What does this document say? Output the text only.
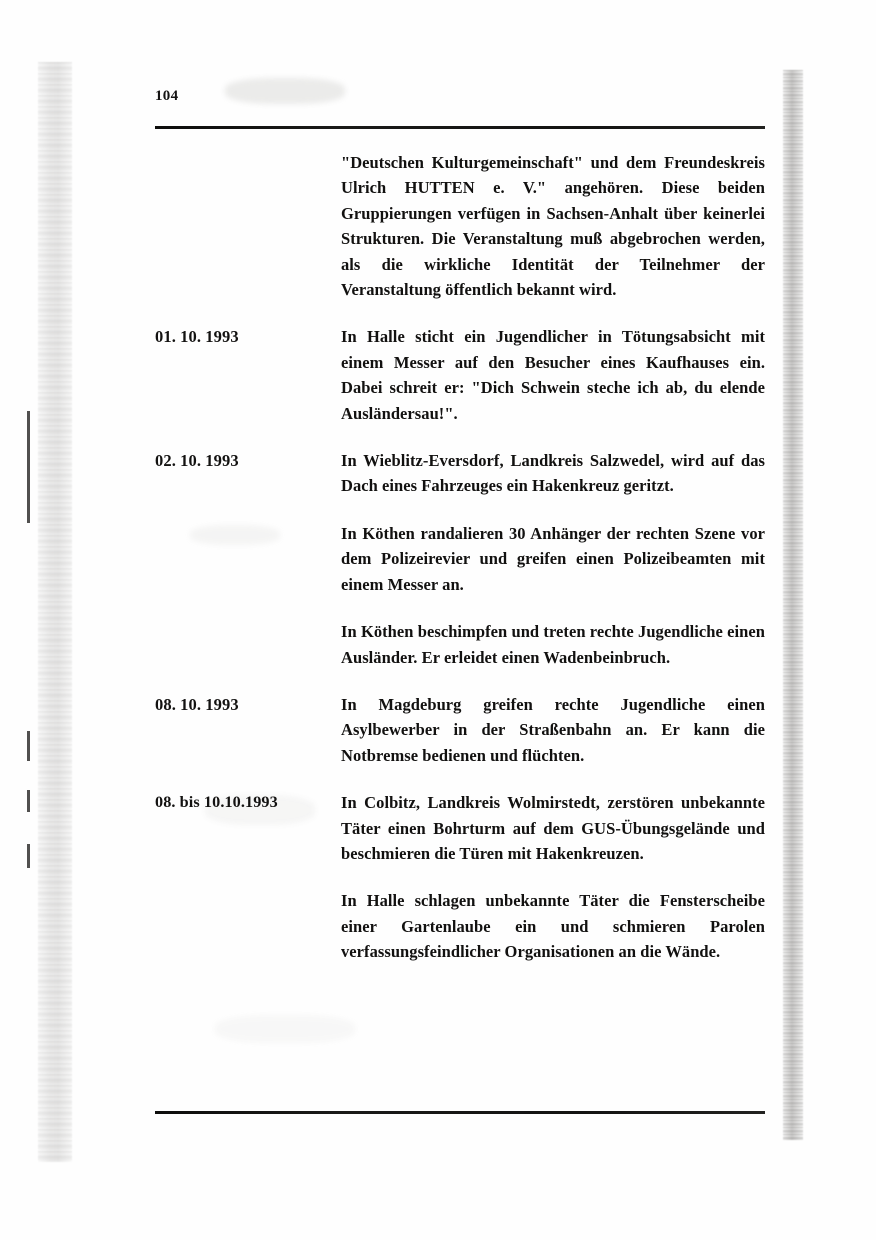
104

"Deutschen Kulturgemeinschaft" und dem Freundeskreis Ulrich HUTTEN e. V." angehören. Diese beiden Gruppierungen verfügen in Sachsen-Anhalt über keinerlei Strukturen. Die Veranstaltung muß abgebrochen werden, als die wirkliche Identität der Teilnehmer der Veranstaltung öffentlich bekannt wird.

01. 10. 1993	In Halle sticht ein Jugendlicher in Tötungsabsicht mit einem Messer auf den Besucher eines Kaufhauses ein. Dabei schreit er: "Dich Schwein steche ich ab, du elende Ausländersau!".

02. 10. 1993	In Wieblitz-Eversdorf, Landkreis Salzwedel, wird auf das Dach eines Fahrzeuges ein Hakenkreuz geritzt.

In Köthen randalieren 30 Anhänger der rechten Szene vor dem Polizeirevier und greifen einen Polizeibeamten mit einem Messer an.

In Köthen beschimpfen und treten rechte Jugendliche einen Ausländer. Er erleidet einen Wadenbeinbruch.

08. 10. 1993	In Magdeburg greifen rechte Jugendliche einen Asylbewerber in der Straßenbahn an. Er kann die Notbremse bedienen und flüchten.

08. bis 10.10.1993	In Colbitz, Landkreis Wolmirstedt, zerstören unbekannte Täter einen Bohrturm auf dem GUS-Übungsgelände und beschmieren die Türen mit Hakenkreuzen.

In Halle schlagen unbekannte Täter die Fensterscheibe einer Gartenlaube ein und schmieren Parolen verfassungsfeindlicher Organisationen an die Wände.
